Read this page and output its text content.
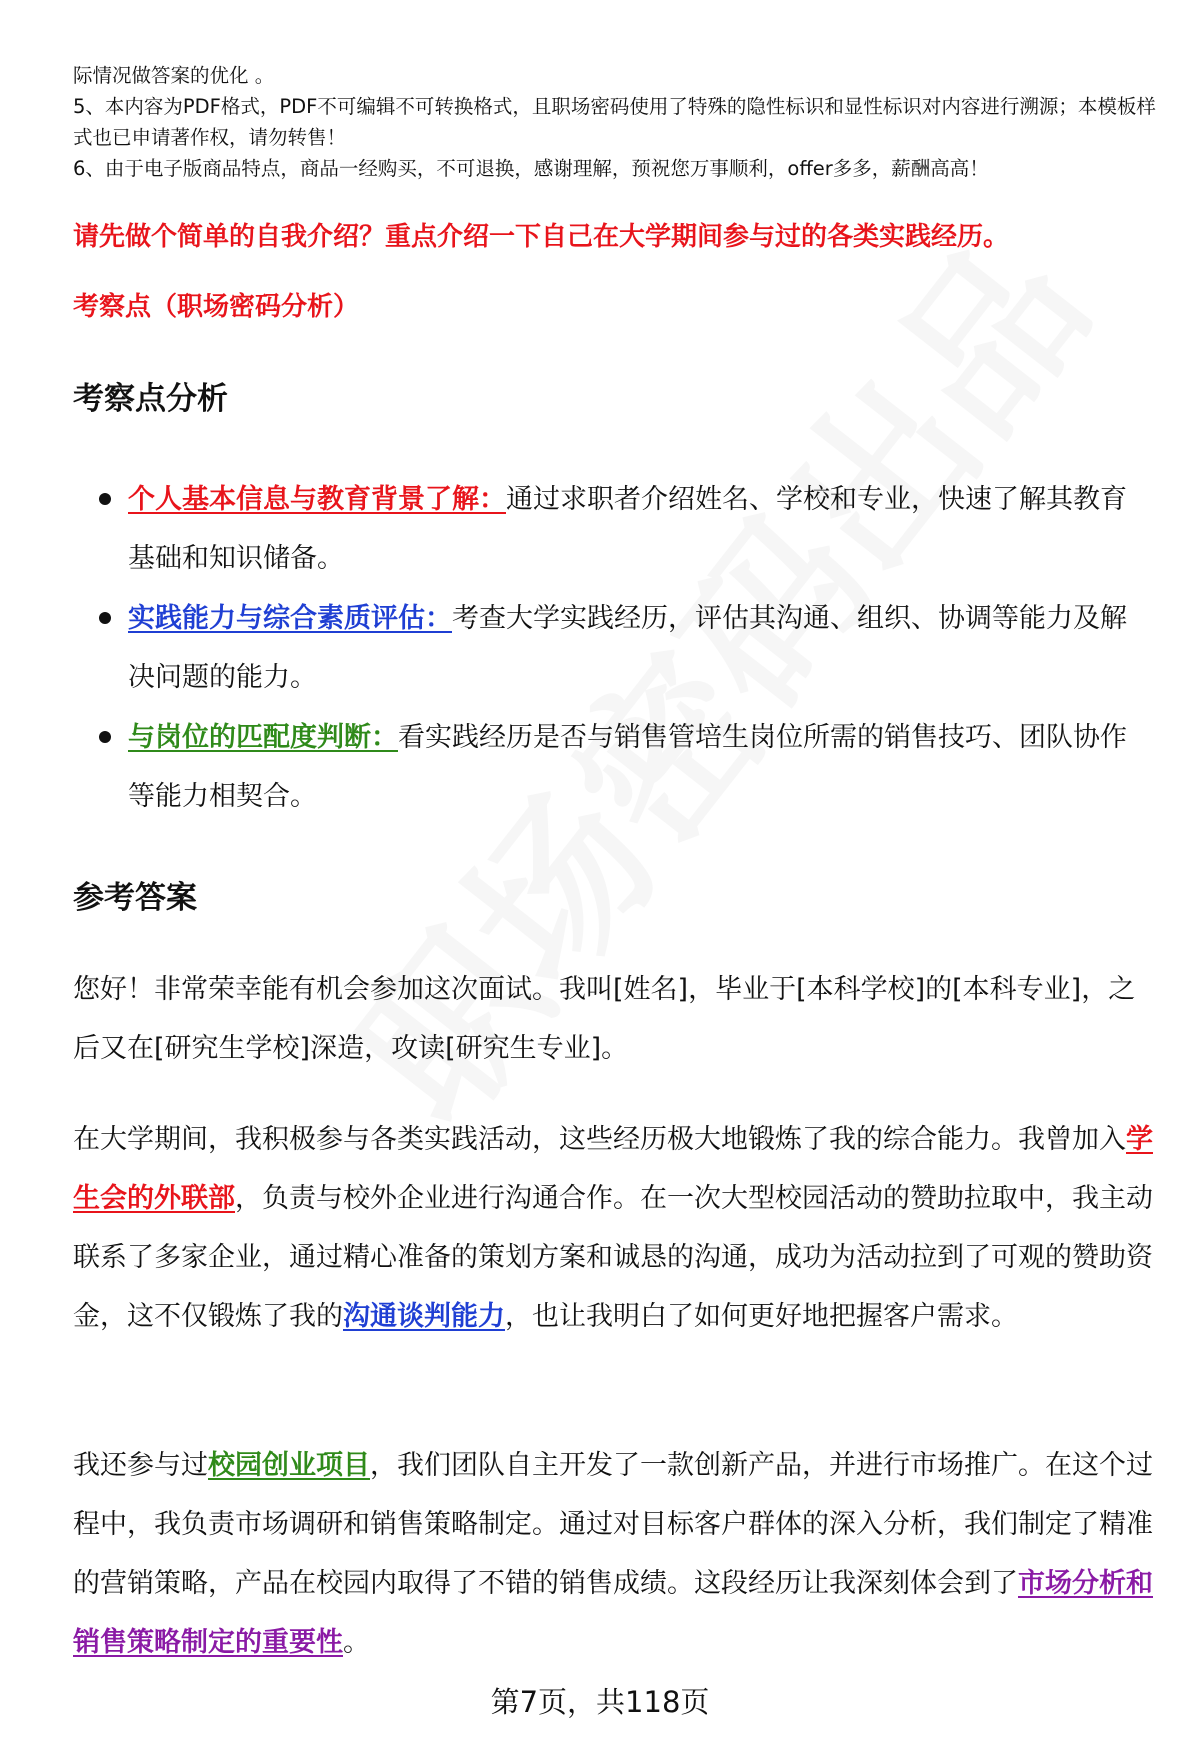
际情况做答案的优化 。

5、本内容为PDF格式，PDF不可编辑不可转换格式，且职场密码使用了特殊的隐性标识和显性标识对内容进行溯源；本模板样式也已申请著作权，请勿转售！

6、由于电子版商品特点，商品一经购买，不可退换，感谢理解，预祝您万事顺利，offer多多，薪酬高高！

请先做个简单的自我介绍？重点介绍一下自己在大学期间参与过的各类实践经历。
考察点（职场密码分析）
考察点分析
个人基本信息与教育背景了解：通过求职者介绍姓名、学校和专业，快速了解其教育基础和知识储备。
实践能力与综合素质评估：考查大学实践经历，评估其沟通、组织、协调等能力及解决问题的能力。
与岗位的匹配度判断：看实践经历是否与销售管培生岗位所需的销售技巧、团队协作等能力相契合。
参考答案

您好！非常荣幸能有机会参加这次面试。我叫[姓名]，毕业于[本科学校]的[本科专业]，之后又在[研究生学校]深造，攻读[研究生专业]。

在大学期间，我积极参与各类实践活动，这些经历极大地锻炼了我的综合能力。我曾加入学生会的外联部，负责与校外企业进行沟通合作。在一次大型校园活动的赞助拉取中，我主动联系了多家企业，通过精心准备的策划方案和诚恳的沟通，成功为活动拉到了可观的赞助资金，这不仅锻炼了我的沟通谈判能力，也让我明白了如何更好地把握客户需求。

我还参与过校园创业项目，我们团队自主开发了一款创新产品，并进行市场推广。在这个过程中，我负责市场调研和销售策略制定。通过对目标客户群体的深入分析，我们制定了精准的营销策略，产品在校园内取得了不错的销售成绩。这段经历让我深刻体会到了市场分析和销售策略制定的重要性。

第7页，共118页
